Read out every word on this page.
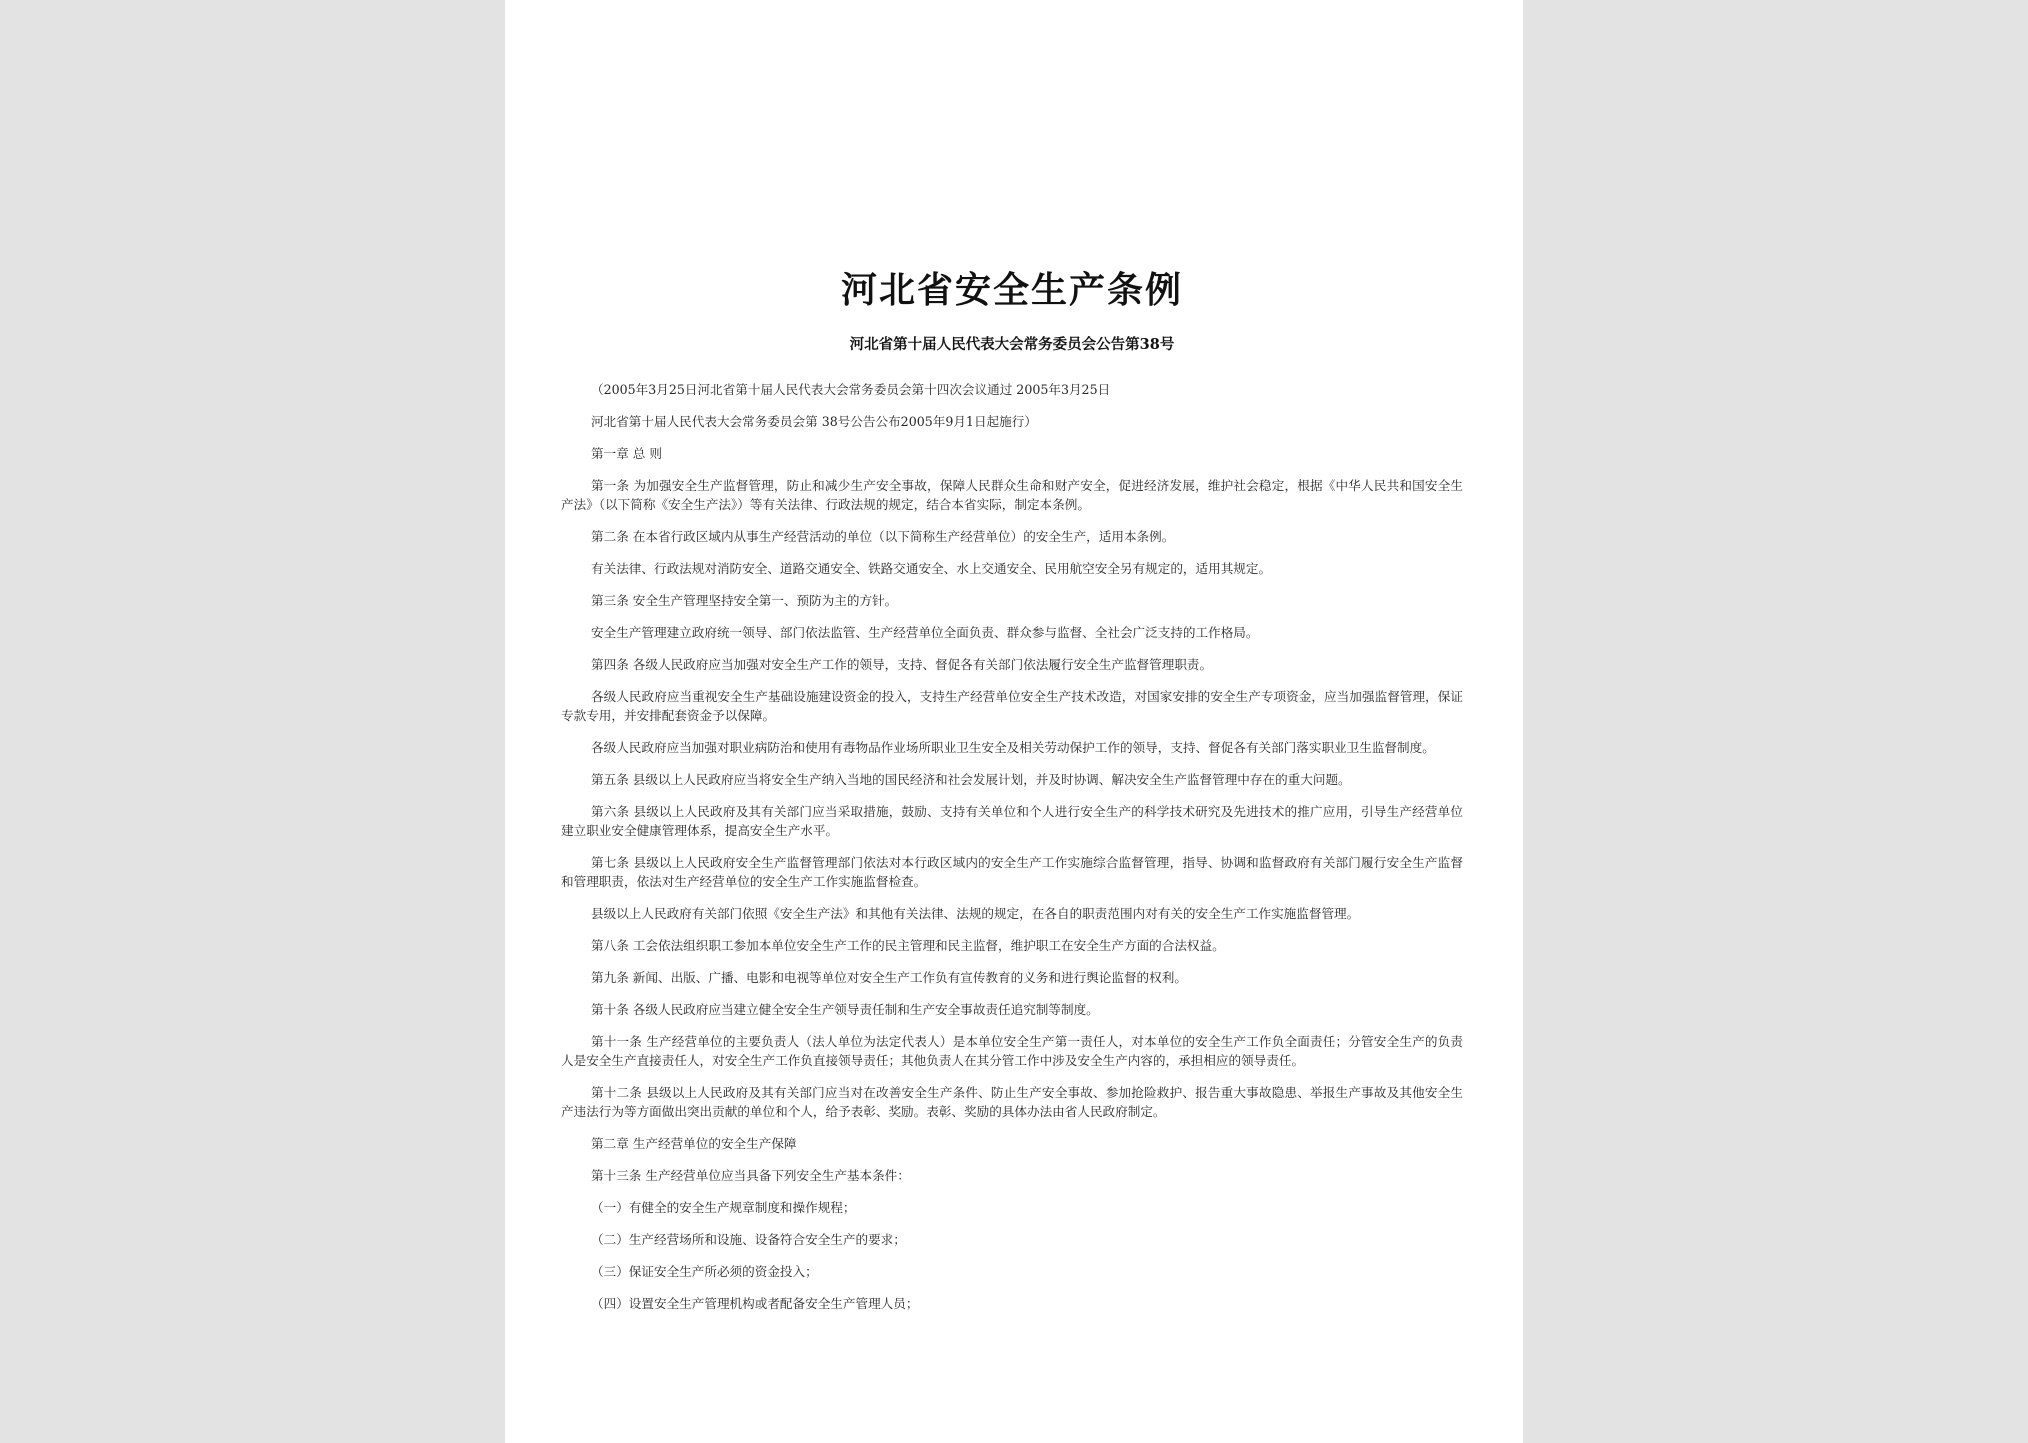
河北省安全生产条例
河北省第十届人民代表大会常务委员会公告第38号

（2005年3月25日河北省第十届人民代表大会常务委员会第十四次会议通过 2005年3月25日

河北省第十届人民代表大会常务委员会第 38号公告公布2005年9月1日起施行）

第一章 总 则

第一条 为加强安全生产监督管理，防止和减少生产安全事故，保障人民群众生命和财产安全，促进经济发展，维护社会稳定，根据《中华人民共和国安全生产法》（以下简称《安全生产法》）等有关法律、行政法规的规定，结合本省实际，制定本条例。

第二条 在本省行政区域内从事生产经营活动的单位（以下简称生产经营单位）的安全生产，适用本条例。

有关法律、行政法规对消防安全、道路交通安全、铁路交通安全、水上交通安全、民用航空安全另有规定的，适用其规定。

第三条 安全生产管理坚持安全第一、预防为主的方针。

安全生产管理建立政府统一领导、部门依法监管、生产经营单位全面负责、群众参与监督、全社会广泛支持的工作格局。

第四条 各级人民政府应当加强对安全生产工作的领导，支持、督促各有关部门依法履行安全生产监督管理职责。

各级人民政府应当重视安全生产基础设施建设资金的投入，支持生产经营单位安全生产技术改造，对国家安排的安全生产专项资金，应当加强监督管理，保证专款专用，并安排配套资金予以保障。

各级人民政府应当加强对职业病防治和使用有毒物品作业场所职业卫生安全及相关劳动保护工作的领导，支持、督促各有关部门落实职业卫生监督制度。

第五条 县级以上人民政府应当将安全生产纳入当地的国民经济和社会发展计划，并及时协调、解决安全生产监督管理中存在的重大问题。

第六条 县级以上人民政府及其有关部门应当采取措施，鼓励、支持有关单位和个人进行安全生产的科学技术研究及先进技术的推广应用，引导生产经营单位建立职业安全健康管理体系，提高安全生产水平。

第七条 县级以上人民政府安全生产监督管理部门依法对本行政区域内的安全生产工作实施综合监督管理，指导、协调和监督政府有关部门履行安全生产监督和管理职责，依法对生产经营单位的安全生产工作实施监督检查。

县级以上人民政府有关部门依照《安全生产法》和其他有关法律、法规的规定，在各自的职责范围内对有关的安全生产工作实施监督管理。

第八条 工会依法组织职工参加本单位安全生产工作的民主管理和民主监督，维护职工在安全生产方面的合法权益。

第九条 新闻、出版、广播、电影和电视等单位对安全生产工作负有宣传教育的义务和进行舆论监督的权利。

第十条 各级人民政府应当建立健全安全生产领导责任制和生产安全事故责任追究制等制度。

第十一条 生产经营单位的主要负责人（法人单位为法定代表人）是本单位安全生产第一责任人，对本单位的安全生产工作负全面责任；分管安全生产的负责人是安全生产直接责任人，对安全生产工作负直接领导责任；其他负责人在其分管工作中涉及安全生产内容的，承担相应的领导责任。

第十二条 县级以上人民政府及其有关部门应当对在改善安全生产条件、防止生产安全事故、参加抢险救护、报告重大事故隐患、举报生产事故及其他安全生产违法行为等方面做出突出贡献的单位和个人，给予表彰、奖励。表彰、奖励的具体办法由省人民政府制定。

第二章 生产经营单位的安全生产保障

第十三条 生产经营单位应当具备下列安全生产基本条件：

（一）有健全的安全生产规章制度和操作规程；

（二）生产经营场所和设施、设备符合安全生产的要求；

（三）保证安全生产所必须的资金投入；

（四）设置安全生产管理机构或者配备安全生产管理人员；
